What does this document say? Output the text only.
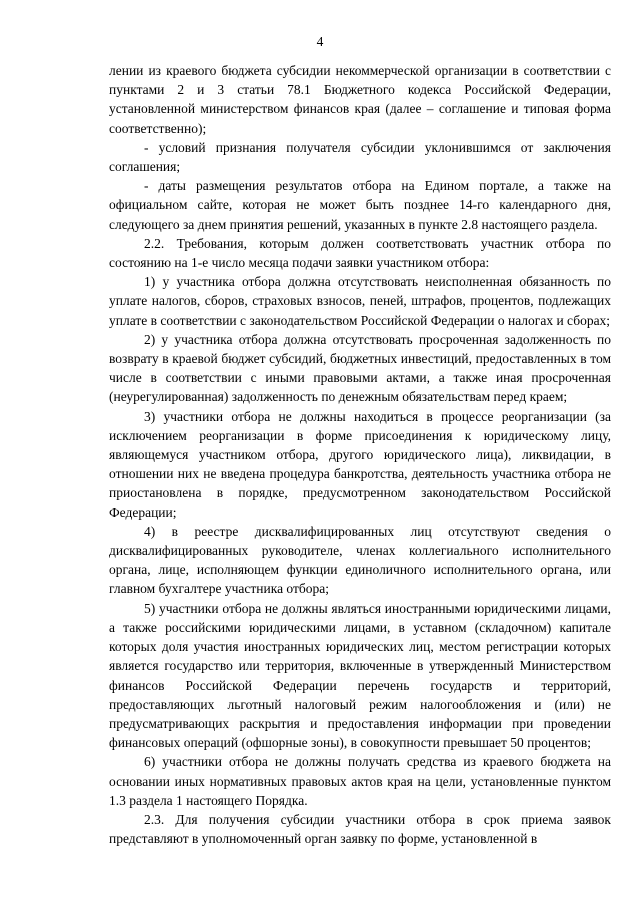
4

лении из краевого бюджета субсидии некоммерческой организации в соответствии с пунктами 2 и 3 статьи 78.1 Бюджетного кодекса Российской Федерации, установленной министерством финансов края (далее – соглашение и типовая форма соответственно);

- условий признания получателя субсидии уклонившимся от заключения соглашения;

- даты размещения результатов отбора на Едином портале, а также на официальном сайте, которая не может быть позднее 14-го календарного дня, следующего за днем принятия решений, указанных в пункте 2.8 настоящего раздела.

2.2. Требования, которым должен соответствовать участник отбора по состоянию на 1-е число месяца подачи заявки участником отбора:

1) у участника отбора должна отсутствовать неисполненная обязанность по уплате налогов, сборов, страховых взносов, пеней, штрафов, процентов, подлежащих уплате в соответствии с законодательством Российской Федерации о налогах и сборах;

2) у участника отбора должна отсутствовать просроченная задолженность по возврату в краевой бюджет субсидий, бюджетных инвестиций, предоставленных в том числе в соответствии с иными правовыми актами, а также иная просроченная (неурегулированная) задолженность по денежным обязательствам перед краем;

3) участники отбора не должны находиться в процессе реорганизации (за исключением реорганизации в форме присоединения к юридическому лицу, являющемуся участником отбора, другого юридического лица), ликвидации, в отношении них не введена процедура банкротства, деятельность участника отбора не приостановлена в порядке, предусмотренном законодательством Российской Федерации;

4) в реестре дисквалифицированных лиц отсутствуют сведения о дисквалифицированных руководителе, членах коллегиального исполнительного органа, лице, исполняющем функции единоличного исполнительного органа, или главном бухгалтере участника отбора;

5) участники отбора не должны являться иностранными юридическими лицами, а также российскими юридическими лицами, в уставном (складочном) капитале которых доля участия иностранных юридических лиц, местом регистрации которых является государство или территория, включенные в утвержденный Министерством финансов Российской Федерации перечень государств и территорий, предоставляющих льготный налоговый режим налогообложения и (или) не предусматривающих раскрытия и предоставления информации при проведении финансовых операций (офшорные зоны), в совокупности превышает 50 процентов;

6) участники отбора не должны получать средства из краевого бюджета на основании иных нормативных правовых актов края на цели, установленные пунктом 1.3 раздела 1 настоящего Порядка.

2.3. Для получения субсидии участники отбора в срок приема заявок представляют в уполномоченный орган заявку по форме, установленной в
